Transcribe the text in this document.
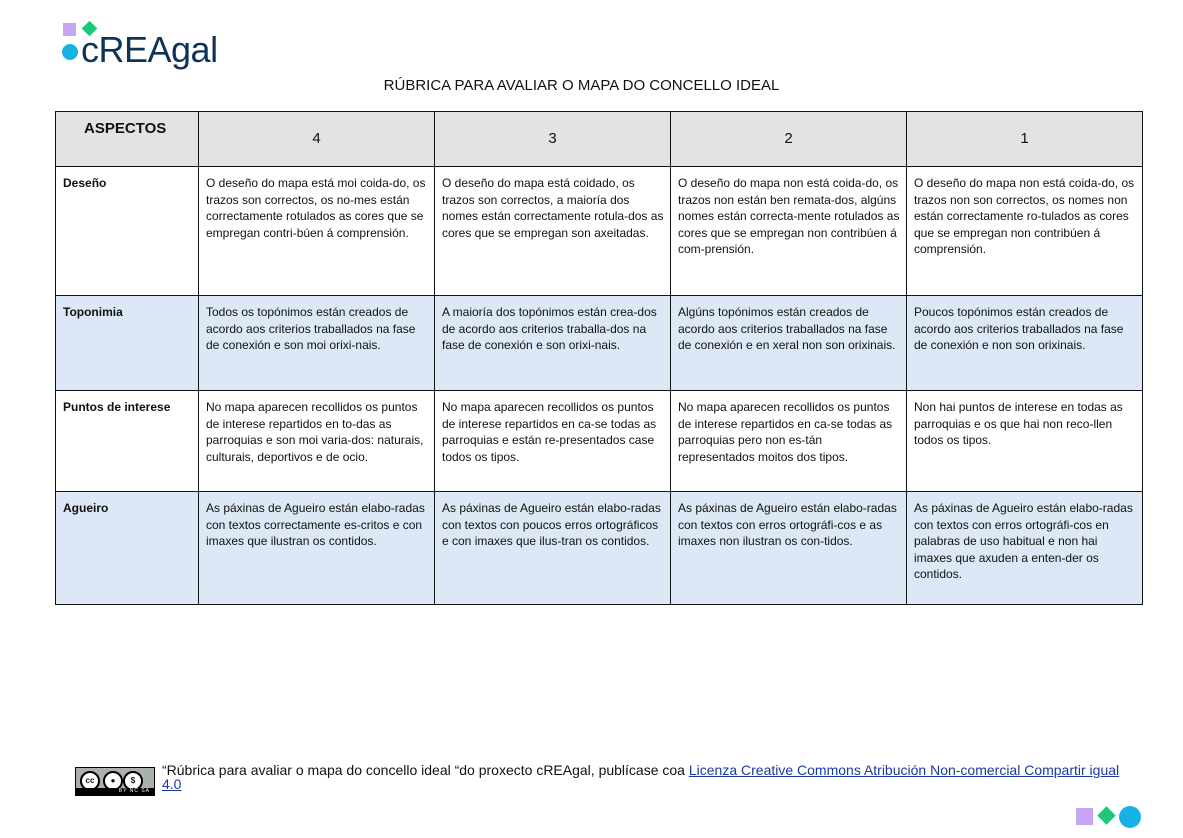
cREAgal
RÚBRICA PARA AVALIAR O MAPA DO CONCELLO IDEAL
ASPECTOS	4	3	2	1
Deseño	O deseño do mapa está moi coida-do, os trazos son correctos, os no-mes están correctamente rotulados as cores que se empregan contri-búen á comprensión.	O deseño do mapa está coidado, os trazos son correctos, a maioría dos nomes están correctamente rotula-dos as cores que se empregan son axeitadas.	O deseño do mapa non está coida-do, os trazos non están ben remata-dos, algúns nomes están correcta-mente rotulados as cores que se empregan non contribúen á com-prensión.	O deseño do mapa non está coida-do, os trazos non son correctos, os nomes non están correctamente ro-tulados as cores que se empregan non contribúen á comprensión.
Toponimia	Todos os topónimos están creados de acordo aos criterios traballados na fase de conexión e son moi orixi-nais.	A maioría dos topónimos están crea-dos de acordo aos criterios traballa-dos na fase de conexión e son orixi-nais.	Algúns topónimos están creados de acordo aos criterios traballados na fase de conexión e en xeral non son orixinais.	Poucos topónimos están creados de acordo aos criterios traballados na fase de conexión e non son orixinais.
Puntos de interese	No mapa aparecen recollidos os puntos de interese repartidos en to-das as parroquias e son moi varia-dos: naturais, culturais, deportivos e de ocio.	No mapa aparecen recollidos os puntos de interese repartidos en ca-se todas as parroquias e están re-presentados case todos os tipos.	No mapa aparecen recollidos os puntos de interese repartidos en ca-se todas as parroquias pero non es-tán representados moitos dos tipos.	Non hai puntos de interese en todas as parroquias e os que hai non reco-llen todos os tipos.
Agueiro	As páxinas de Agueiro están elabo-radas con textos correctamente es-critos e con imaxes que ilustran os contidos.	As páxinas de Agueiro están elabo-radas con textos con poucos erros ortográficos e con imaxes que ilus-tran os contidos.	As páxinas de Agueiro están elabo-radas con textos con erros ortográfi-cos e as imaxes non ilustran os con-tidos.	As páxinas de Agueiro están elabo-radas con textos con erros ortográfi-cos en palabras de uso habitual e non hai imaxes que axuden a enten-der os contidos.
cc	●	$
BY NC SA
“Rúbrica para avaliar o mapa do concello ideal “do proxecto cREAgal, publícase coa Licenza Creative Commons Atribución Non-comercial Compartir igual 4.0
